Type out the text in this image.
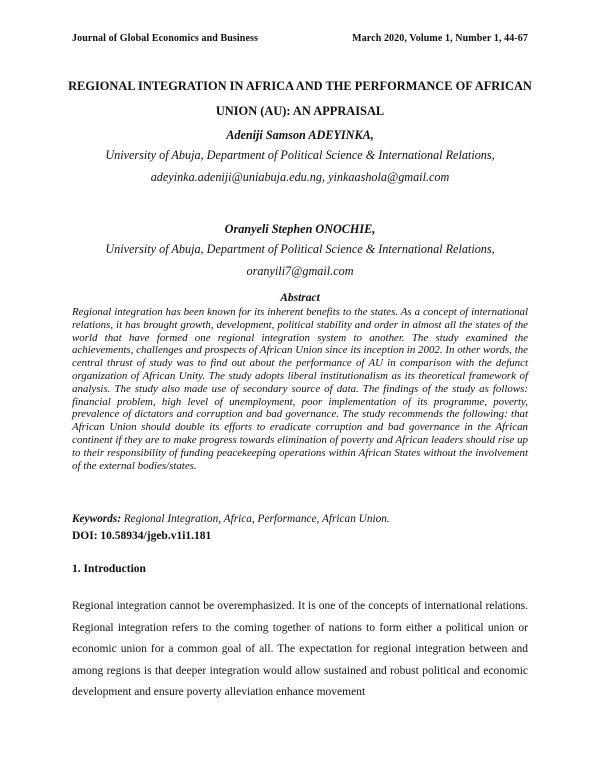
Journal of Global Economics and Business	March 2020, Volume 1, Number 1, 44-67
REGIONAL INTEGRATION IN AFRICA AND THE PERFORMANCE OF AFRICAN UNION (AU): AN APPRAISAL
Adeniji Samson ADEYINKA,
University of Abuja, Department of Political Science & International Relations,
adeyinka.adeniji@uniabuja.edu.ng, yinkaashola@gmail.com
Oranyeli Stephen ONOCHIE,
University of Abuja, Department of Political Science & International Relations,
oranyili7@gmail.com
Abstract
Regional integration has been known for its inherent benefits to the states. As a concept of international relations, it has brought growth, development, political stability and order in almost all the states of the world that have formed one regional integration system to another. The study examined the achievements, challenges and prospects of African Union since its inception in 2002. In other words, the central thrust of study was to find out about the performance of AU in comparison with the defunct organization of African Unity. The study adopts liberal institutionalism as its theoretical framework of analysis. The study also made use of secondary source of data. The findings of the study as follows: financial problem, high level of unemployment, poor implementation of its programme, poverty, prevalence of dictators and corruption and bad governance. The study recommends the following: that African Union should double its efforts to eradicate corruption and bad governance in the African continent if they are to make progress towards elimination of poverty and African leaders should rise up to their responsibility of funding peacekeeping operations within African States without the involvement of the external bodies/states.
Keywords: Regional Integration, Africa, Performance, African Union.
DOI: 10.58934/jgeb.v1i1.181
1. Introduction
Regional integration cannot be overemphasized. It is one of the concepts of international relations. Regional integration refers to the coming together of nations to form either a political union or economic union for a common goal of all. The expectation for regional integration between and among regions is that deeper integration would allow sustained and robust political and economic development and ensure poverty alleviation enhance movement
